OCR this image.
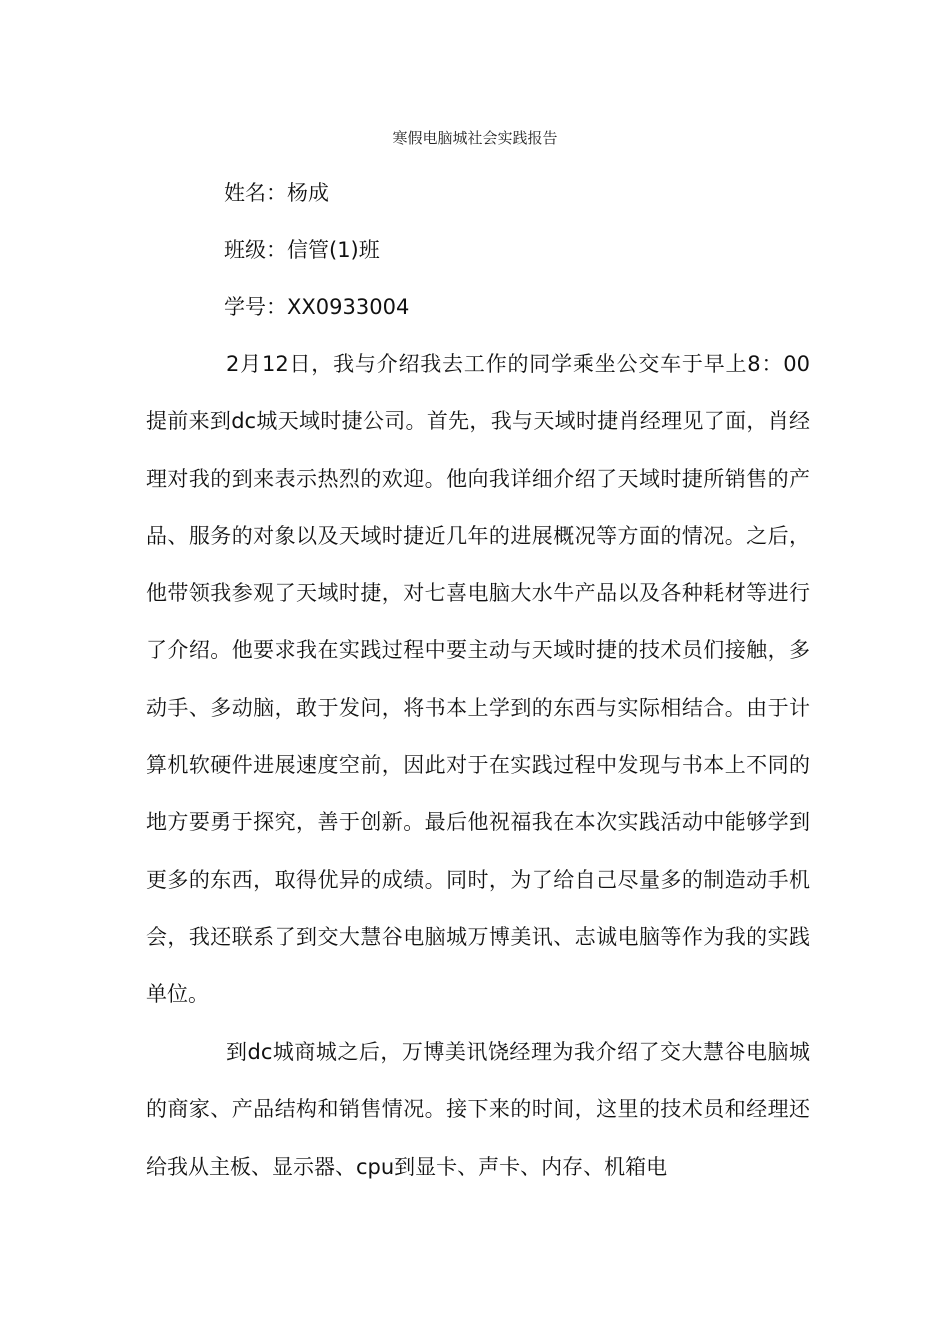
寒假电脑城社会实践报告
姓名：杨成
班级：信管(1)班
学号：XX0933004

2月12日，我与介绍我去工作的同学乘坐公交车于早上8：00提前来到dc城天域时捷公司。首先，我与天域时捷肖经理见了面，肖经理对我的到来表示热烈的欢迎。他向我详细介绍了天域时捷所销售的产品、服务的对象以及天域时捷近几年的进展概况等方面的情况。之后，他带领我参观了天域时捷，对七喜电脑大水牛产品以及各种耗材等进行了介绍。他要求我在实践过程中要主动与天域时捷的技术员们接触，多动手、多动脑，敢于发问，将书本上学到的东西与实际相结合。由于计算机软硬件进展速度空前，因此对于在实践过程中发现与书本上不同的地方要勇于探究，善于创新。最后他祝福我在本次实践活动中能够学到更多的东西，取得优异的成绩。同时，为了给自己尽量多的制造动手机会，我还联系了到交大慧谷电脑城万博美讯、志诚电脑等作为我的实践单位。

到dc城商城之后，万博美讯饶经理为我介绍了交大慧谷电脑城的商家、产品结构和销售情况。接下来的时间，这里的技术员和经理还给我从主板、显示器、cpu到显卡、声卡、内存、机箱电
